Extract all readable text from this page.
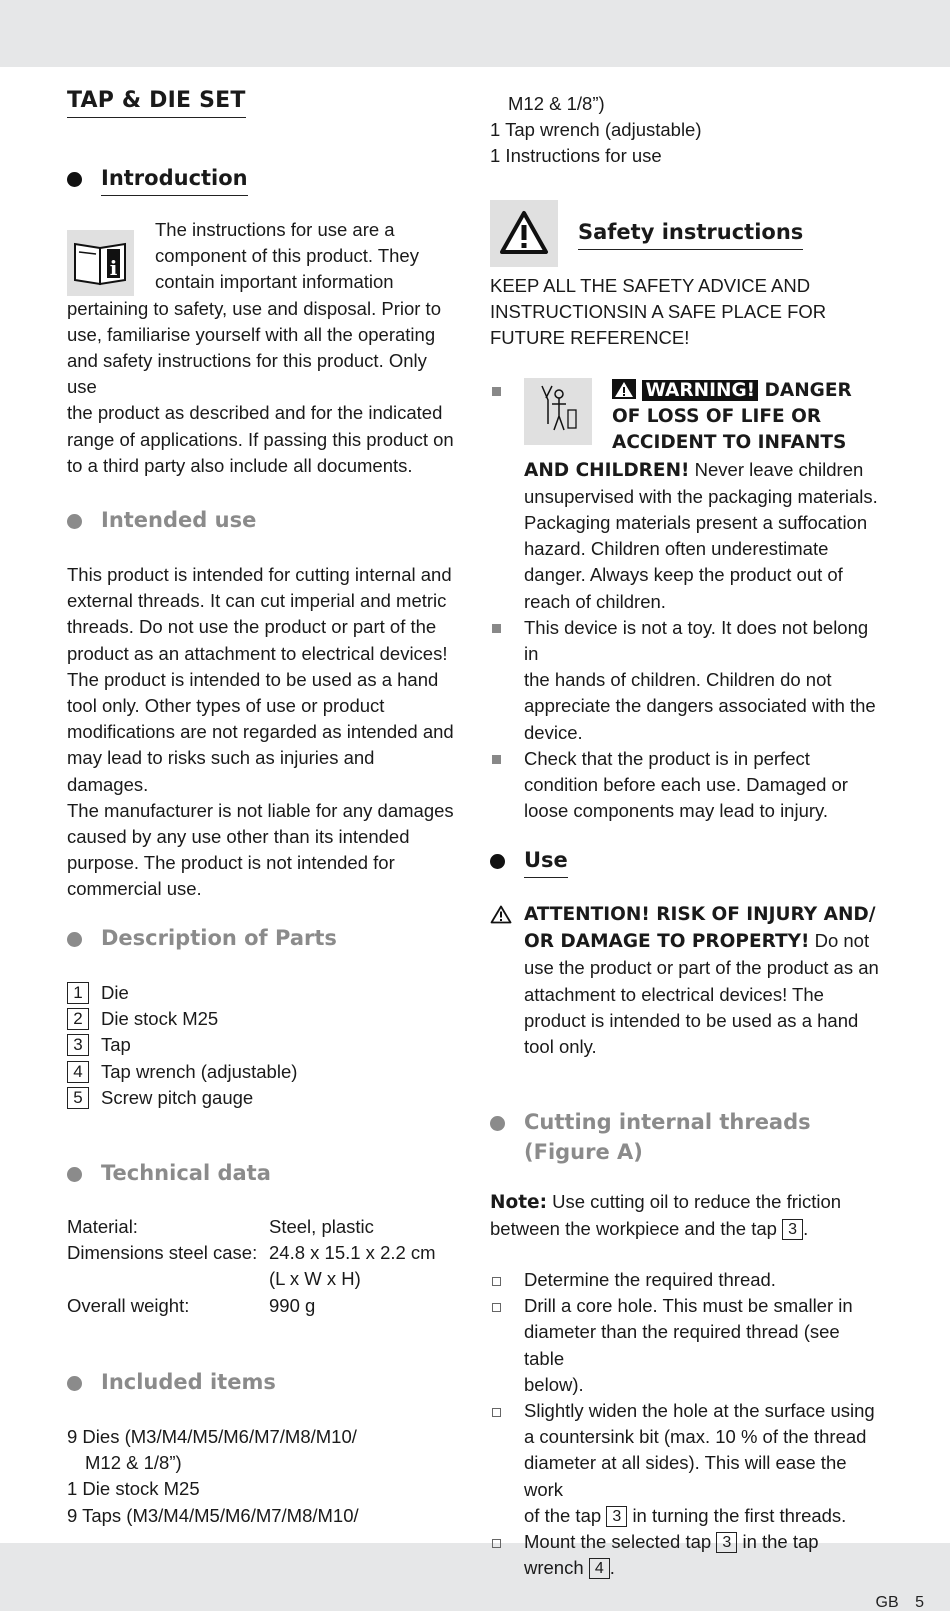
GB 5
TAP & DIE SET
Introduction
i

The instructions for use are a

component of this product. They

contain important information

pertaining to safety, use and disposal. Prior to

use, familiarise yourself with all the operating

and safety instructions for this product. Only use

the product as described and for the indicated

range of applications. If passing this product on

to a third party also include all documents.

Intended use

This product is intended for cutting internal and

external threads. It can cut imperial and metric

threads. Do not use the product or part of the

product as an attachment to electrical devices!

The product is intended to be used as a hand

tool only. Other types of use or product

modifications are not regarded as intended and

may lead to risks such as injuries and damages.

The manufacturer is not liable for any damages

caused by any use other than its intended

purpose. The product is not intended for

commercial use.

Description of Parts
1 Die
2 Die stock M25
3 Tap
4 Tap wrench (adjustable)
5 Screw pitch gauge
Technical data
Material:	Steel, plastic
Dimensions steel case: 24.8 x 15.1 x 2.2 cm
(L x W x H)
Overall weight:	990 g
Included items

9 Dies (M3/M4/M5/M6/M7/M8/M10/

M12 & 1/8”)

1 Die stock M25

9 Taps (M3/M4/M5/M6/M7/M8/M10/

M12 & 1/8”)

1 Tap wrench (adjustable)

1 Instructions for use

Safety instructions

KEEP ALL THE SAFETY ADVICE AND

INSTRUCTIONSIN A SAFE PLACE FOR

FUTURE REFERENCE!

WARNING! DANGER

OF LOSS OF LIFE OR

ACCIDENT TO INFANTS

AND CHILDREN! Never leave children

unsupervised with the packaging materials.

Packaging materials present a suffocation

hazard. Children often underestimate

danger. Always keep the product out of

reach of children.

This device is not a toy. It does not belong in

the hands of children. Children do not

appreciate the dangers associated with the

device.

Check that the product is in perfect

condition before each use. Damaged or

loose components may lead to injury.

Use

ATTENTION! RISK OF INJURY AND/

OR DAMAGE TO PROPERTY! Do not

use the product or part of the product as an

attachment to electrical devices! The

product is intended to be used as a hand

tool only.

Cutting internal threads
(Figure A)

Note: Use cutting oil to reduce the friction

between the workpiece and the tap 3 .

Determine the required thread.

Drill a core hole. This must be smaller in

diameter than the required thread (see table

below).

Slightly widen the hole at the surface using

a countersink bit (max. 10 % of the thread

diameter at all sides). This will ease the work

of the tap 3 in turning the first threads.

Mount the selected tap 3 in the tap

wrench 4 .
